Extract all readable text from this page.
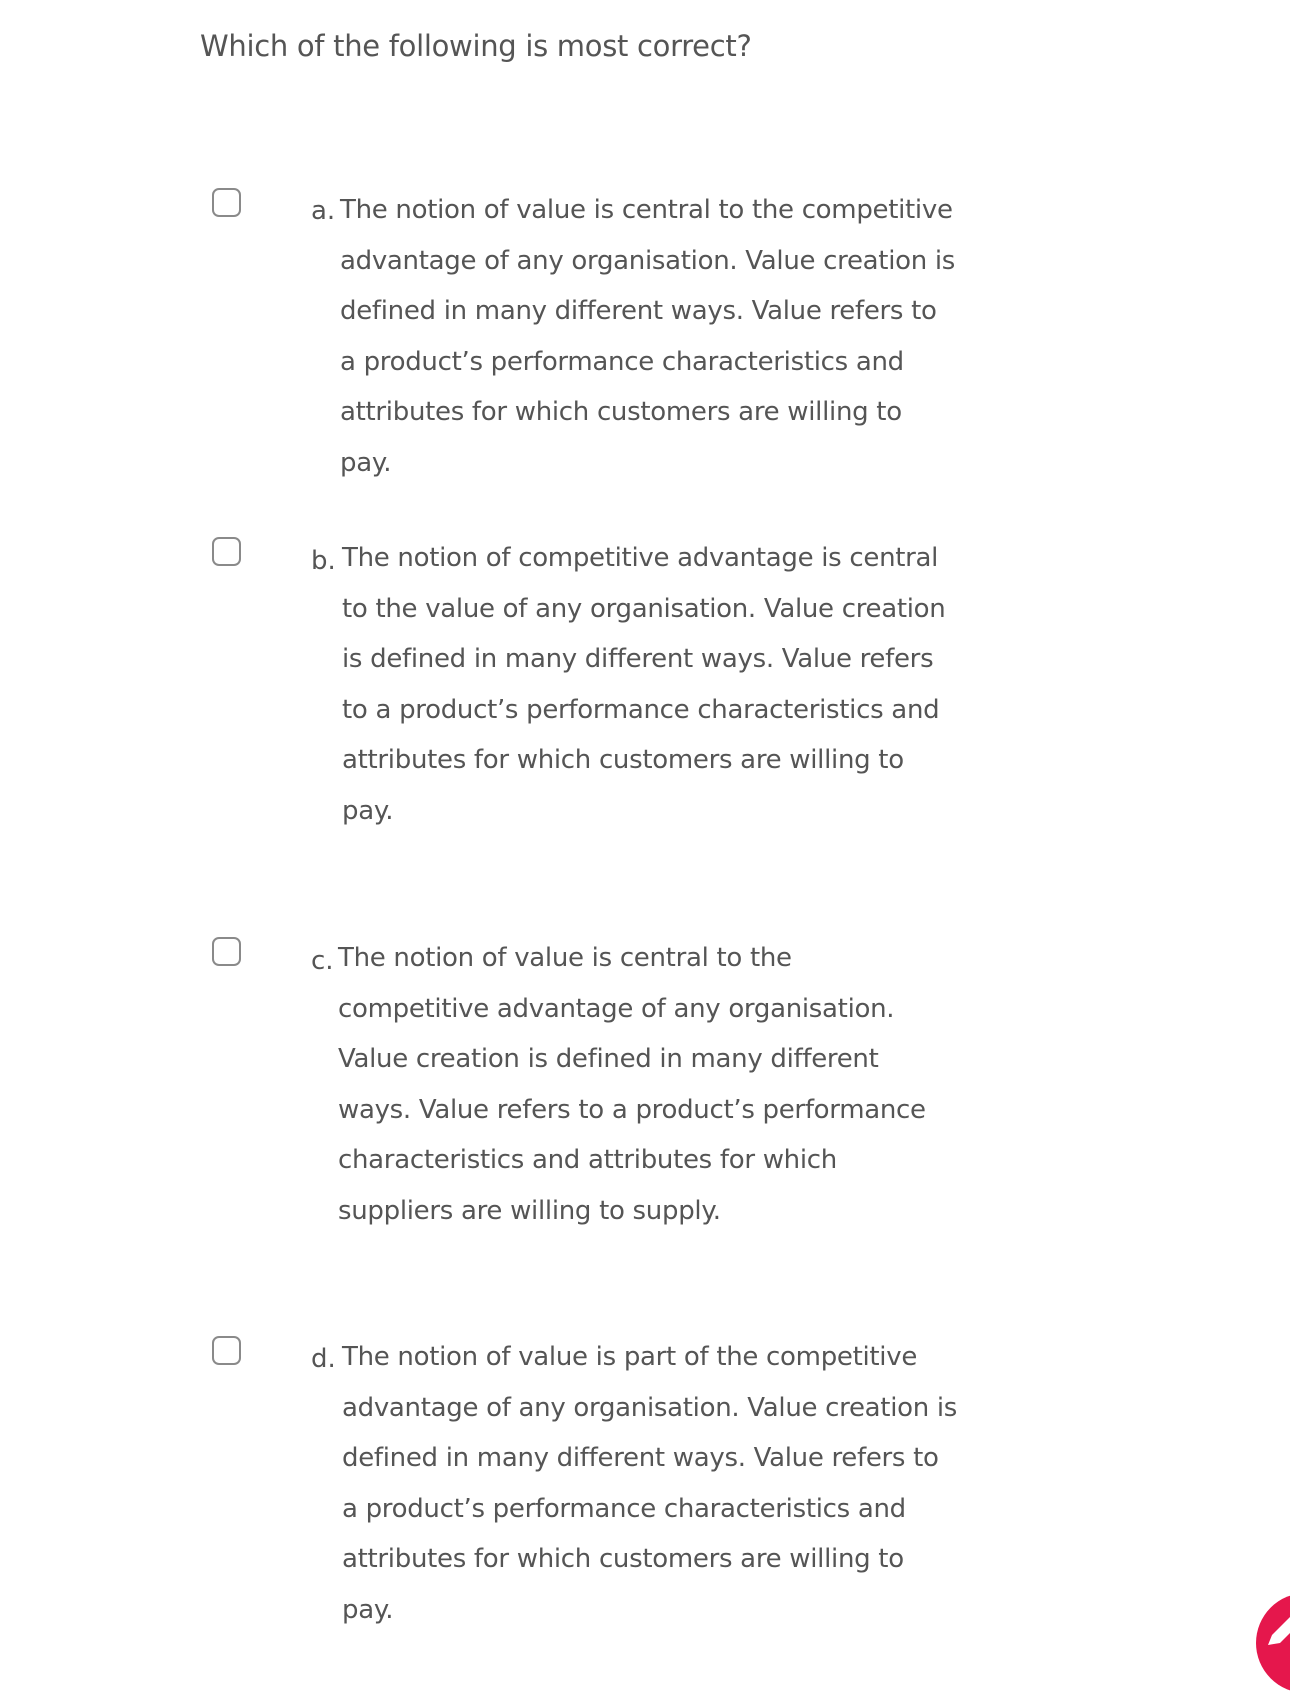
Which of the following is most correct?
a. The notion of value is central to the competitive advantage of any organisation. Value creation is defined in many different ways. Value refers to a product’s performance characteristics and attributes for which customers are willing to pay.
b. The notion of competitive advantage is central to the value of any organisation. Value creation is defined in many different ways. Value refers to a product’s performance characteristics and attributes for which customers are willing to pay.
c. The notion of value is central to the competitive advantage of any organisation. Value creation is defined in many different ways. Value refers to a product’s performance characteristics and attributes for which suppliers are willing to supply.
d. The notion of value is part of the competitive advantage of any organisation. Value creation is defined in many different ways. Value refers to a product’s performance characteristics and attributes for which customers are willing to pay.
